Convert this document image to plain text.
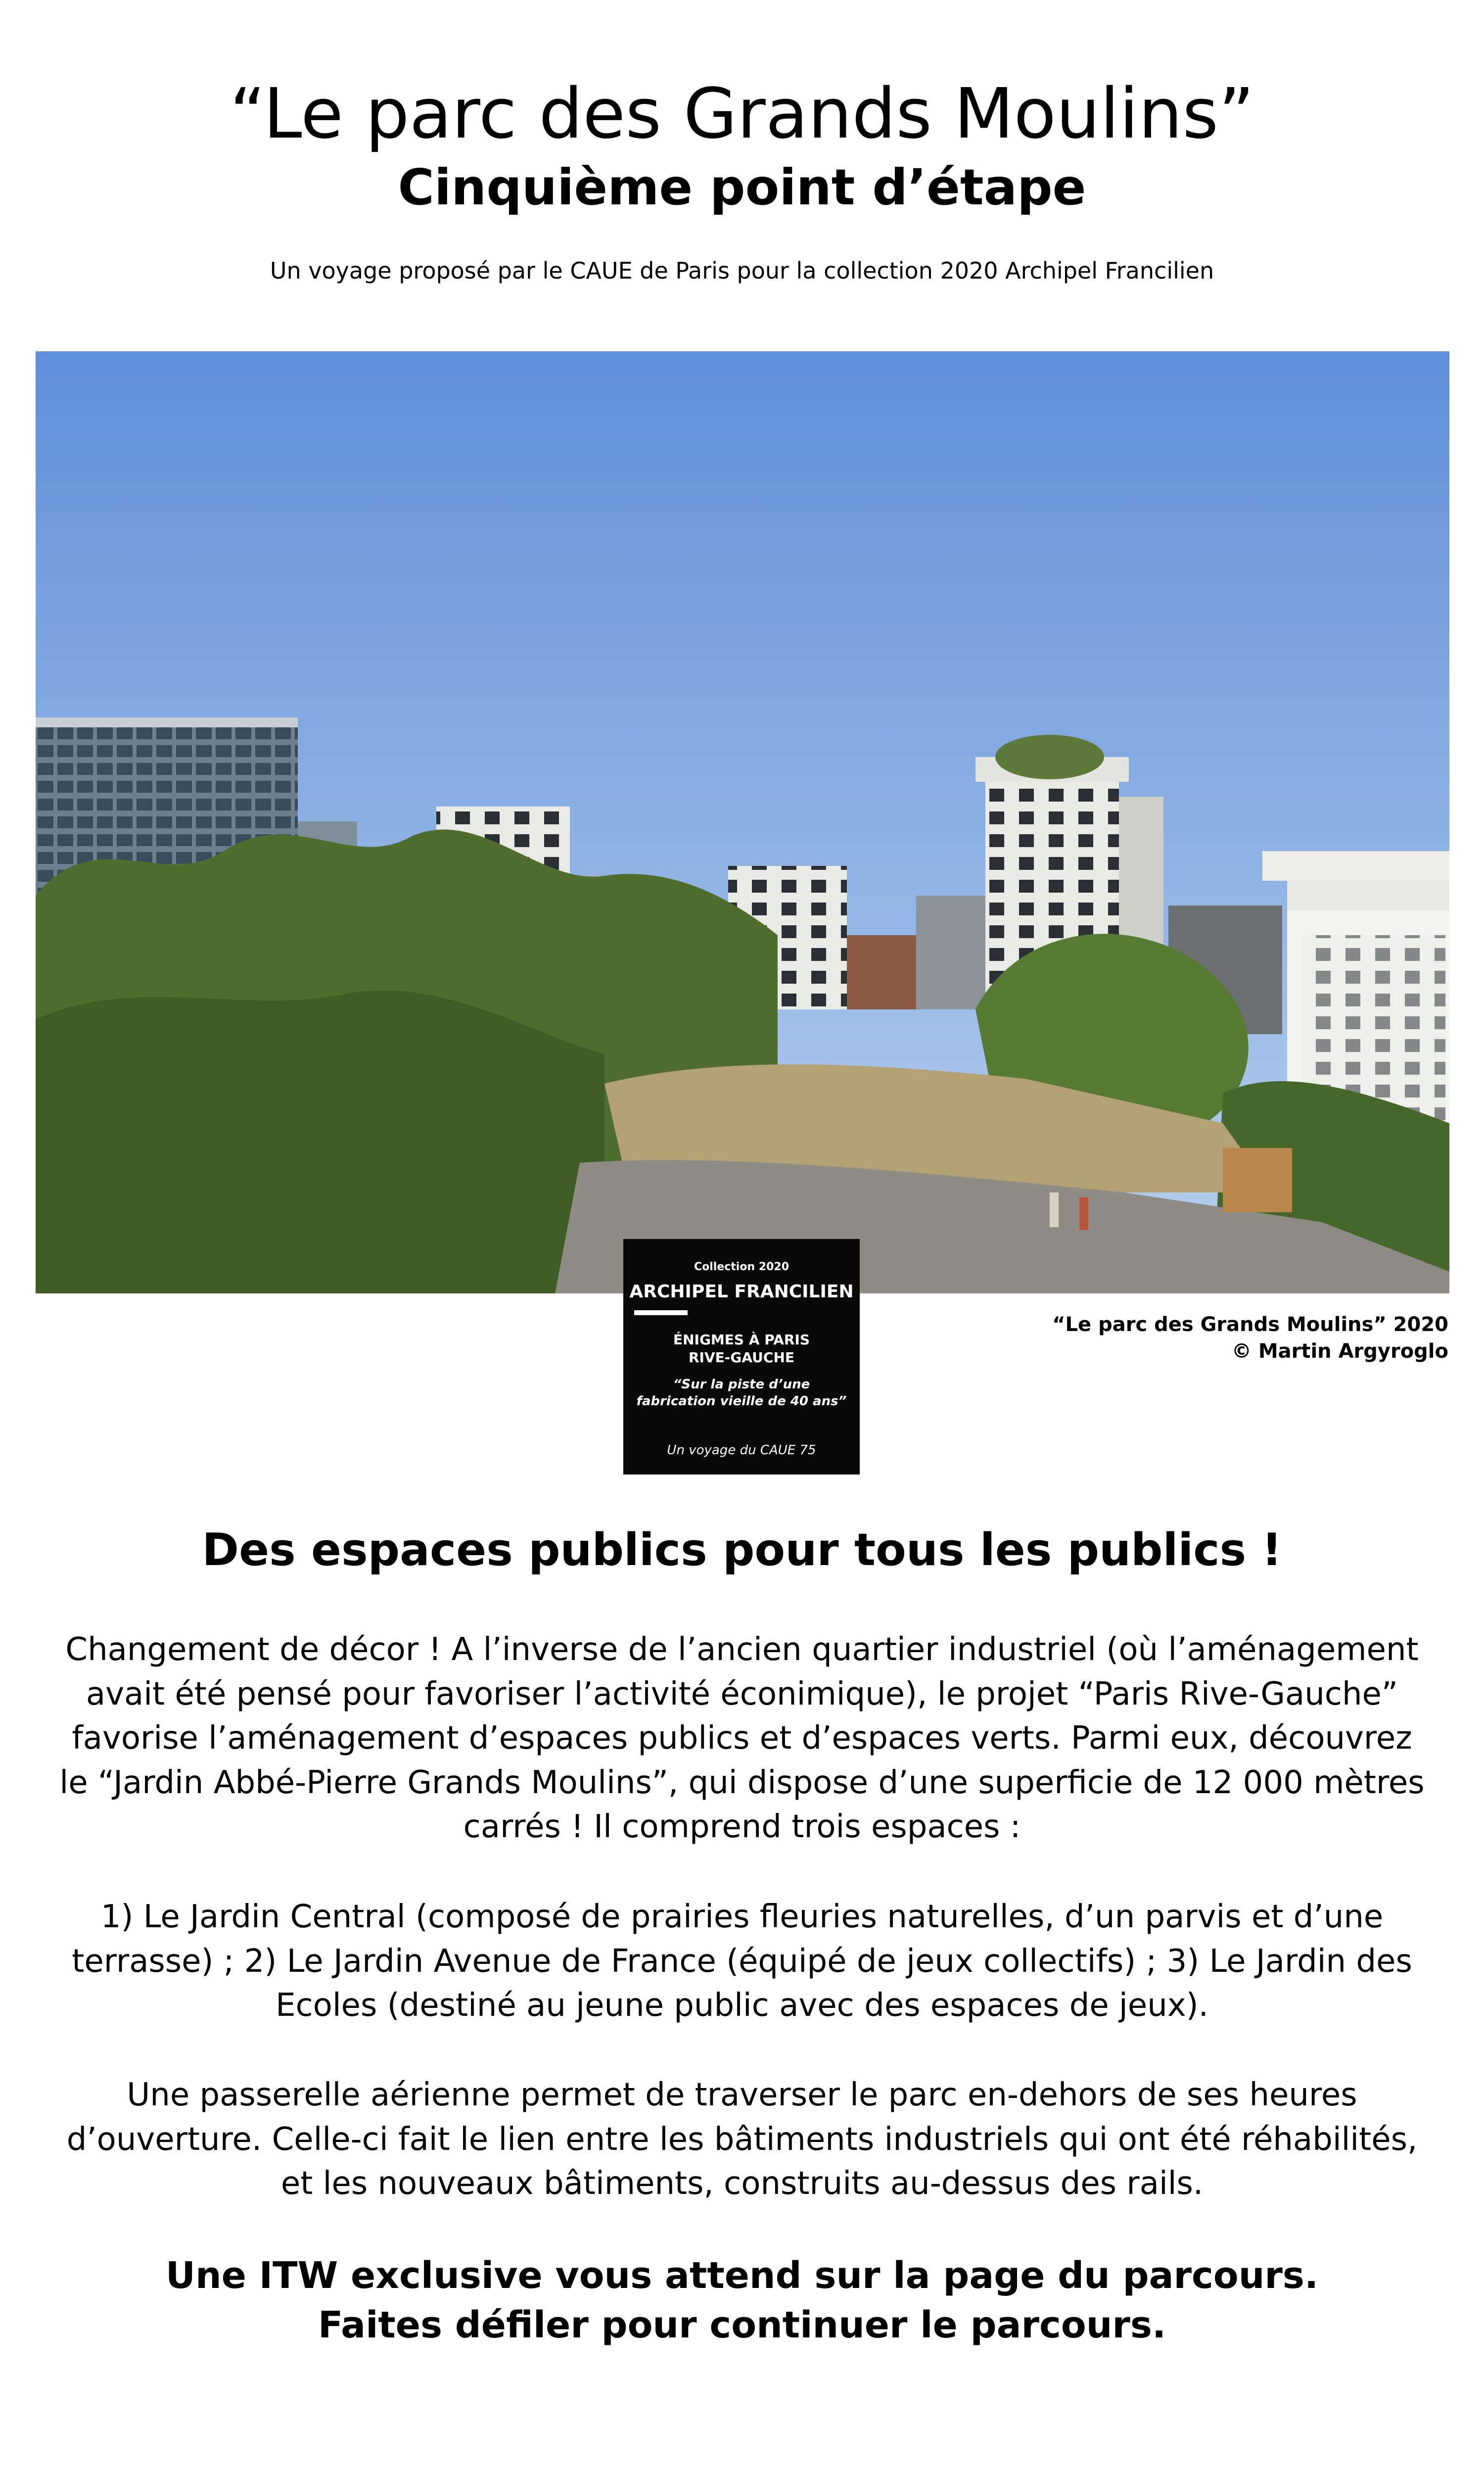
“Le parc des Grands Moulins”
Cinquième point d’étape
Un voyage proposé par le CAUE de Paris pour la collection 2020 Archipel Francilien
Collection 2020
ARCHIPEL FRANCILIEN
ÉNIGMES À PARIS
RIVE-GAUCHE
“Sur la piste d’une fabrication vieille de 40 ans”
Un voyage du CAUE 75
“Le parc des Grands Moulins” 2020
© Martin Argyroglo
Des espaces publics pour tous les publics !
Changement de décor ! A l’inverse de l’ancien quartier industriel (où l’aménagement avait été pensé pour favoriser l’activité éconimique), le projet “Paris Rive-Gauche” favorise l’aménagement d’espaces publics et d’espaces verts. Parmi eux, découvrez le “Jardin Abbé-Pierre Grands Moulins”, qui dispose d’une superficie de 12 000 mètres carrés ! Il comprend trois espaces :
1) Le Jardin Central (composé de prairies fleuries naturelles, d’un parvis et d’une terrasse) ; 2) Le Jardin Avenue de France (équipé de jeux collectifs) ; 3) Le Jardin des Ecoles (destiné au jeune public avec des espaces de jeux).
Une passerelle aérienne permet de traverser le parc en-dehors de ses heures d’ouverture. Celle-ci fait le lien entre les bâtiments industriels qui ont été réhabilités, et les nouveaux bâtiments, construits au-dessus des rails.
Une ITW exclusive vous attend sur la page du parcours.
Faites défiler pour continuer le parcours.
